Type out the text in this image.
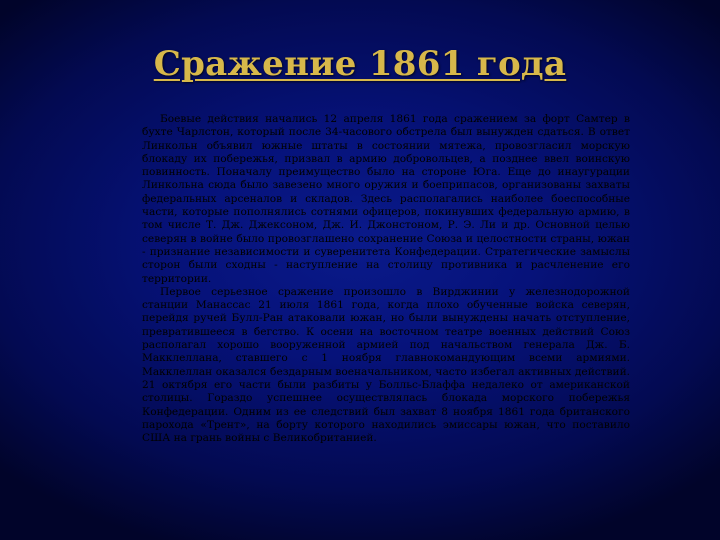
Сражение 1861 года

Боевые действия начались 12 апреля 1861 года сражением за форт Самтер в бухте Чарлстон, который после 34-часового обстрела был вынужден сдаться. В ответ Линкольн объявил южные штаты в состоянии мятежа, провозгласил морскую блокаду их побережья, призвал в армию добровольцев, а позднее ввел воинскую повинность. Поначалу преимущество было на стороне Юга. Еще до инаугурации Линкольна сюда было завезено много оружия и боеприпасов, организованы захваты федеральных арсеналов и складов. Здесь располагались наиболее боеспособные части, которые пополнялись сотнями офицеров, покинувших федеральную армию, в том числе Т. Дж. Джексоном, Дж. И. Джонстоном, Р. Э. Ли и др. Основной целью северян в войне было провозглашено сохранение Союза и целостности страны, южан - признание независимости и суверенитета Конфедерации. Стратегические замыслы сторон были сходны - наступление на столицу противника и расчленение его территории.

Первое серьезное сражение произошло в Вирджинии у железнодорожной станции Манассас 21 июля 1861 года, когда плохо обученные войска северян, перейдя ручей Булл-Ран атаковали южан, но были вынуждены начать отступление, превратившееся в бегство. К осени на восточном театре военных действий Союз располагал хорошо вооруженной армией под начальством генерала Дж. Б. Макклеллана, ставшего с 1 ноября главнокомандующим всеми армиями. Макклеллан оказался бездарным военачальником, часто избегал активных действий. 21 октября его части были разбиты у Болльс-Блаффа недалеко от американской столицы. Гораздо успешнее осуществлялась блокада морского побережья Конфедерации. Одним из ее следствий был захват 8 ноября 1861 года британского парохода «Трент», на борту которого находились эмиссары южан, что поставило США на грань войны с Великобританией.
